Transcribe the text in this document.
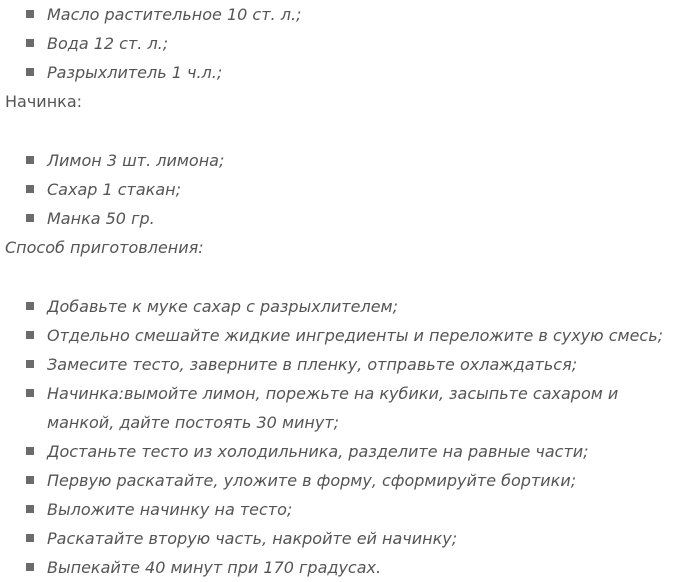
Масло растительное 10 ст. л.;
Вода 12 ст. л.;
Разрыхлитель 1 ч.л.;
Начинка:
Лимон 3 шт. лимона;
Сахар 1 стакан;
Манка 50 гр.
Способ приготовления:
Добавьте к муке сахар с разрыхлителем;
Отдельно смешайте жидкие ингредиенты и переложите в сухую смесь;
Замесите тесто, заверните в пленку, отправьте охлаждаться;
Начинка:вымойте лимон, порежьте на кубики, засыпьте сахаром и манкой, дайте постоять 30 минут;
Достаньте тесто из холодильника, разделите на равные части;
Первую раскатайте, уложите в форму, сформируйте бортики;
Выложите начинку на тесто;
Раскатайте вторую часть, накройте ей начинку;
Выпекайте 40 минут при 170 градусах.
